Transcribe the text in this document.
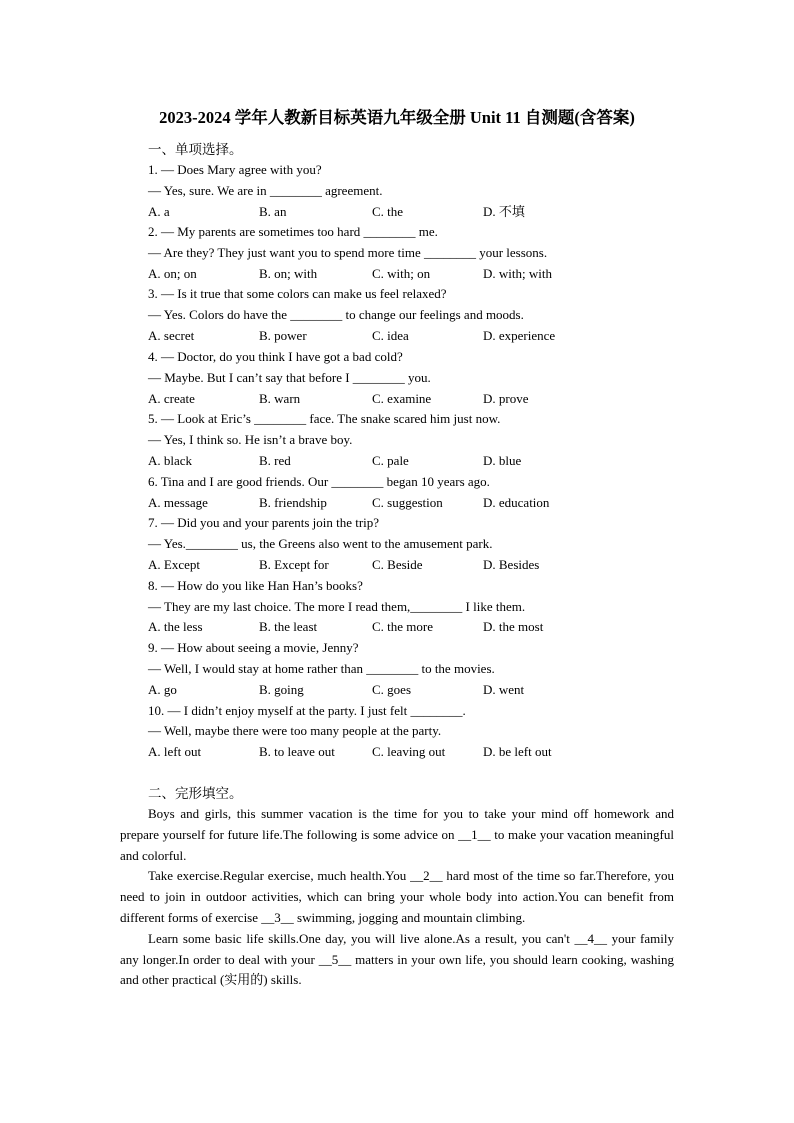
2023-2024 学年人教新目标英语九年级全册 Unit 11 自测题(含答案)
一、单项选择。
1. — Does Mary agree with you?
— Yes, sure. We are in ________ agreement.
A. a	B. an	C. the	D. 不填
2. — My parents are sometimes too hard ________ me.
— Are they? They just want you to spend more time ________ your lessons.
A. on; on	B. on; with	C. with; on	D. with; with
3. — Is it true that some colors can make us feel relaxed?
— Yes. Colors do have the ________ to change our feelings and moods.
A. secret	B. power	C. idea	D. experience
4. — Doctor, do you think I have got a bad cold?
— Maybe. But I can’t say that before I ________ you.
A. create	B. warn	C. examine	D. prove
5. — Look at Eric’s ________ face. The snake scared him just now.
— Yes, I think so. He isn’t a brave boy.
A. black	B. red	C. pale	D. blue
6. Tina and I are good friends. Our ________ began 10 years ago.
A. message	B. friendship	C. suggestion	D. education
7. — Did you and your parents join the trip?
— Yes.________ us, the Greens also went to the amusement park.
A. Except	B. Except for	C. Beside	D. Besides
8. — How do you like Han Han’s books?
— They are my last choice. The more I read them,________ I like them.
A. the less	B. the least	C. the more	D. the most
9. — How about seeing a movie, Jenny?
— Well, I would stay at home rather than ________ to the movies.
A. go	B. going	C. goes	D. went
10. — I didn’t enjoy myself at the party. I just felt ________.
— Well, maybe there were too many people at the party.
A. left out	B. to leave out	C. leaving out	D. be left out
二、完形填空。

Boys and girls, this summer vacation is the time for you to take your mind off homework and prepare yourself for future life.The following is some advice on __1__ to make your vacation meaningful and colorful.

Take exercise.Regular exercise, much health.You __2__ hard most of the time so far.Therefore, you need to join in outdoor activities, which can bring your whole body into action.You can benefit from different forms of exercise __3__ swimming, jogging and mountain climbing.

Learn some basic life skills.One day, you will live alone.As a result, you can't __4__ your family any longer.In order to deal with your __5__ matters in your own life, you should learn cooking, washing and other practical (实用的) skills.
